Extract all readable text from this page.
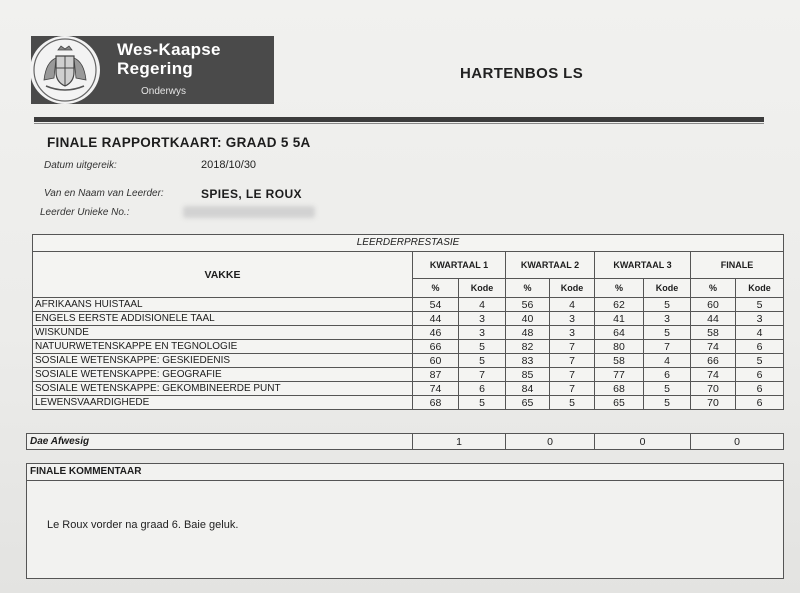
Wes-Kaapse
Regering
Onderwys
HARTENBOS LS
FINALE RAPPORTKAART: GRAAD 5 5A
Datum uitgereik:	2018/10/30
Van en Naam van Leerder:	SPIES, LE ROUX
Leerder Unieke No.:
LEERDERPRESTASIE								
VAKKE	KWARTAAL 1		KWARTAAL 2		KWARTAAL 3		FINALE	
	%	Kode	%	Kode	%	Kode	%	Kode
AFRIKAANS HUISTAAL	54	4	56	4	62	5	60	5
ENGELS EERSTE ADDISIONELE TAAL	44	3	40	3	41	3	44	3
WISKUNDE	46	3	48	3	64	5	58	4
NATUURWETENSKAPPE EN TEGNOLOGIE	66	5	82	7	80	7	74	6
SOSIALE WETENSKAPPE: GESKIEDENIS	60	5	83	7	58	4	66	5
SOSIALE WETENSKAPPE: GEOGRAFIE	87	7	85	7	77	6	74	6
SOSIALE WETENSKAPPE: GEKOMBINEERDE PUNT	74	6	84	7	68	5	70	6
LEWENSVAARDIGHEDE	68	5	65	5	65	5	70	6
Dae Afwesig	1	0	0	0
FINALE KOMMENTAAR
Le Roux vorder na graad 6. Baie geluk.
